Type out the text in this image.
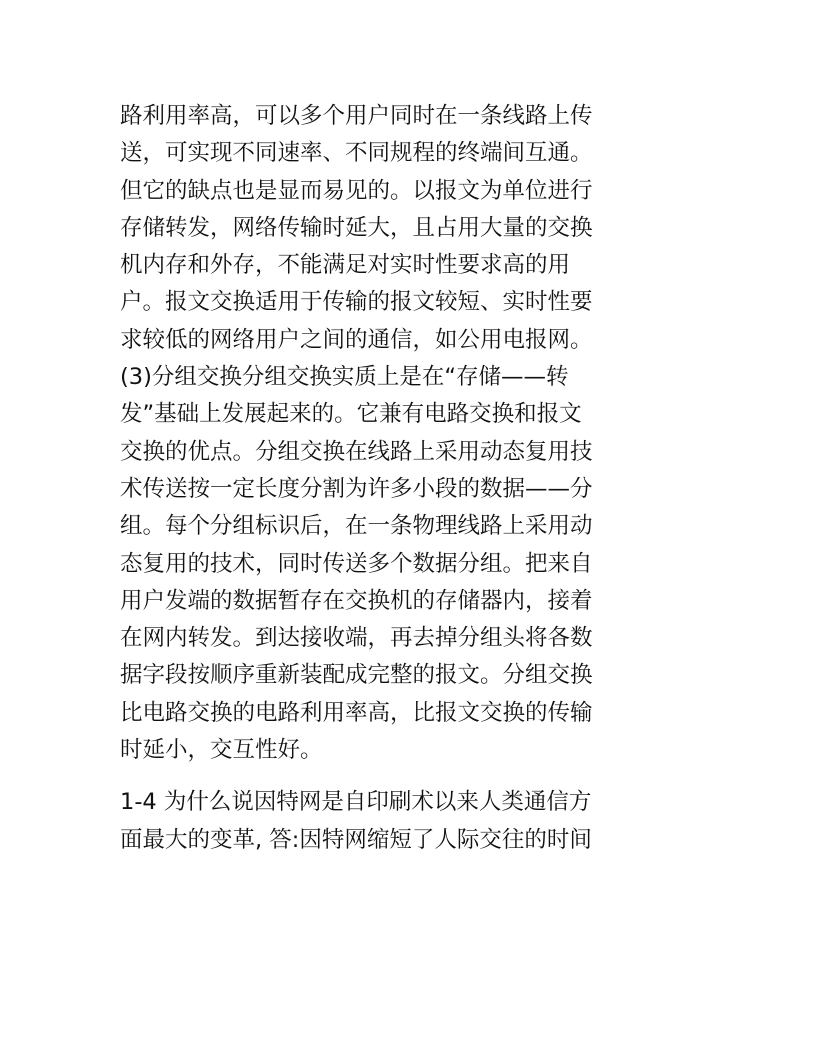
路利用率高，可以多个用户同时在一条线路上传
送，可实现不同速率、不同规程的终端间互通。
但它的缺点也是显而易见的。以报文为单位进行
存储转发，网络传输时延大，且占用大量的交换
机内存和外存，不能满足对实时性要求高的用
户。报文交换适用于传输的报文较短、实时性要
求较低的网络用户之间的通信，如公用电报网。
(3)分组交换分组交换实质上是在“存储——转
发”基础上发展起来的。它兼有电路交换和报文
交换的优点。分组交换在线路上采用动态复用技
术传送按一定长度分割为许多小段的数据——分
组。每个分组标识后，在一条物理线路上采用动
态复用的技术，同时传送多个数据分组。把来自
用户发端的数据暂存在交换机的存储器内，接着
在网内转发。到达接收端，再去掉分组头将各数
据字段按顺序重新装配成完整的报文。分组交换
比电路交换的电路利用率高，比报文交换的传输
时延小，交互性好。
1-4 为什么说因特网是自印刷术以来人类通信方
面最大的变革, 答:因特网缩短了人际交往的时间
